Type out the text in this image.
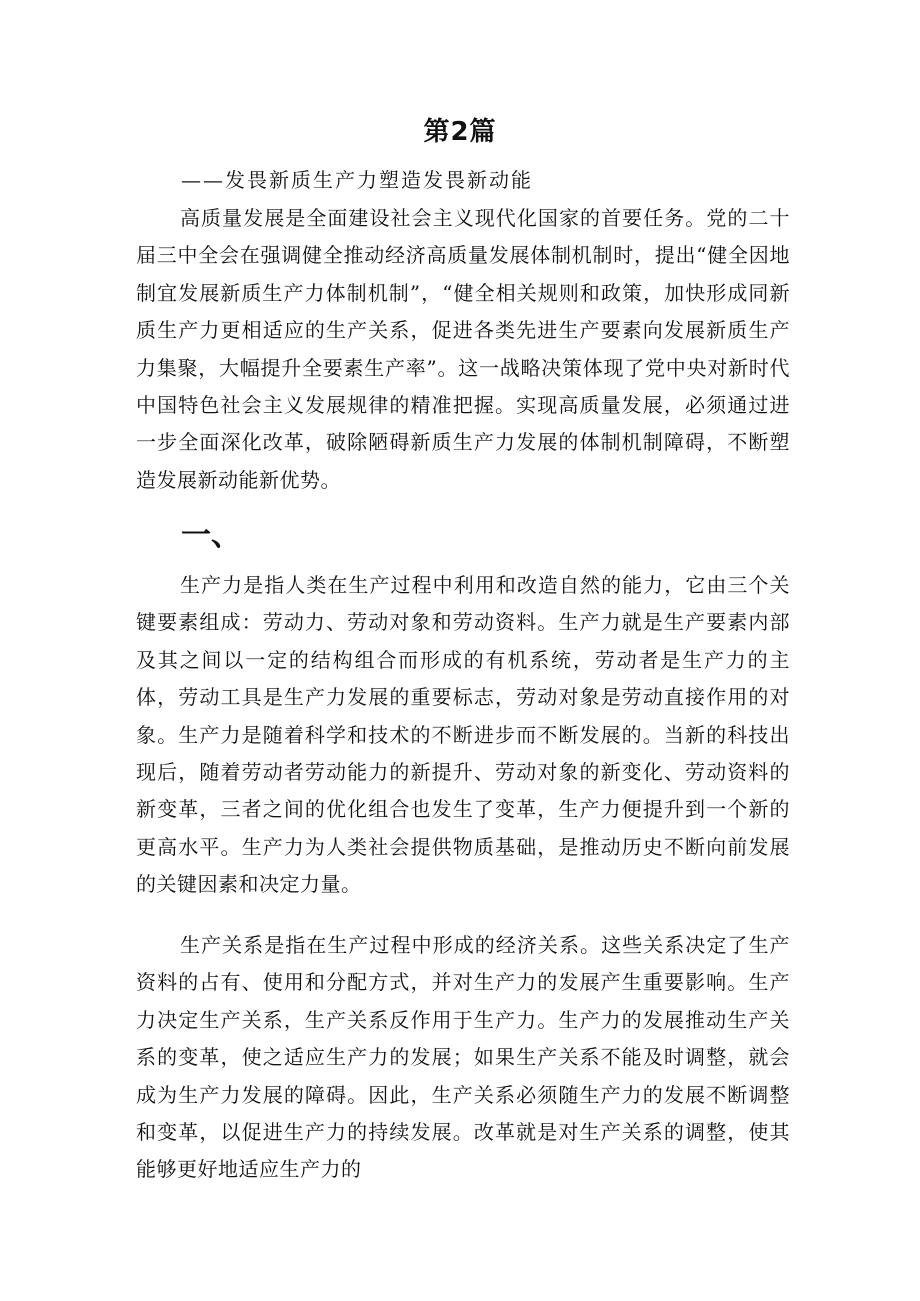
第2篇
——发畏新质生产力塑造发畏新动能

高质量发展是全面建设社会主义现代化国家的首要任务。党的二十届三中全会在强调健全推动经济高质量发展体制机制时，提出“健全因地制宜发展新质生产力体制机制”，“健全相关规则和政策，加快形成同新质生产力更相适应的生产关系，促进各类先进生产要素向发展新质生产力集聚，大幅提升全要素生产率”。这一战略决策体现了党中央对新时代中国特色社会主义发展规律的精准把握。实现高质量发展，必须通过进一步全面深化改革，破除陋碍新质生产力发展的体制机制障碍，不断塑造发展新动能新优势。

一、

生产力是指人类在生产过程中利用和改造自然的能力，它由三个关键要素组成：劳动力、劳动对象和劳动资料。生产力就是生产要素内部及其之间以一定的结构组合而形成的有机系统，劳动者是生产力的主体，劳动工具是生产力发展的重要标志，劳动对象是劳动直接作用的对象。生产力是随着科学和技术的不断进步而不断发展的。当新的科技出现后，随着劳动者劳动能力的新提升、劳动对象的新变化、劳动资料的新变革，三者之间的优化组合也发生了变革，生产力便提升到一个新的更高水平。生产力为人类社会提供物质基础，是推动历史不断向前发展的关键因素和决定力量。

生产关系是指在生产过程中形成的经济关系。这些关系决定了生产资料的占有、使用和分配方式，并对生产力的发展产生重要影响。生产力决定生产关系，生产关系反作用于生产力。生产力的发展推动生产关系的变革，使之适应生产力的发展；如果生产关系不能及时调整，就会成为生产力发展的障碍。因此，生产关系必须随生产力的发展不断调整和变革，以促进生产力的持续发展。改革就是对生产关系的调整，使其能够更好地适应生产力的
